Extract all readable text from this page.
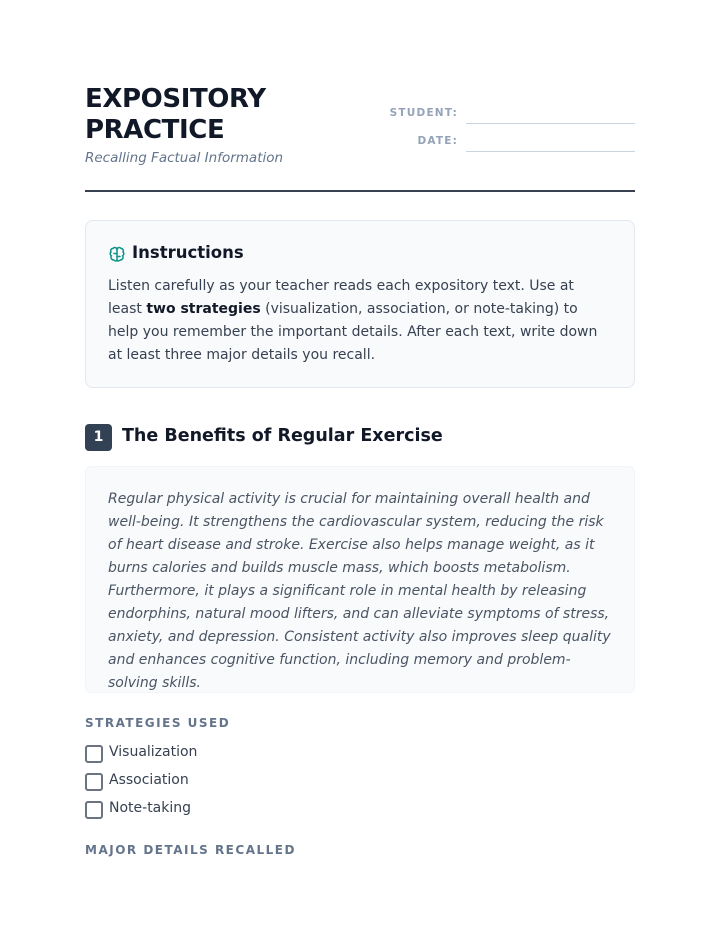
EXPOSITORY PRACTICE
Recalling Factual Information
STUDENT:
DATE:
Instructions
Listen carefully as your teacher reads each expository text. Use at least two strategies (visualization, association, or note-taking) to help you remember the important details. After each text, write down at least three major details you recall.
1	The Benefits of Regular Exercise

Regular physical activity is crucial for maintaining overall health and well-being. It strengthens the cardiovascular system, reducing the risk of heart disease and stroke. Exercise also helps manage weight, as it burns calories and builds muscle mass, which boosts metabolism. Furthermore, it plays a significant role in mental health by releasing endorphins, natural mood lifters, and can alleviate symptoms of stress, anxiety, and depression. Consistent activity also improves sleep quality and enhances cognitive function, including memory and problem-solving skills.

STRATEGIES USED
Visualization
Association
Note-taking
MAJOR DETAILS RECALLED
